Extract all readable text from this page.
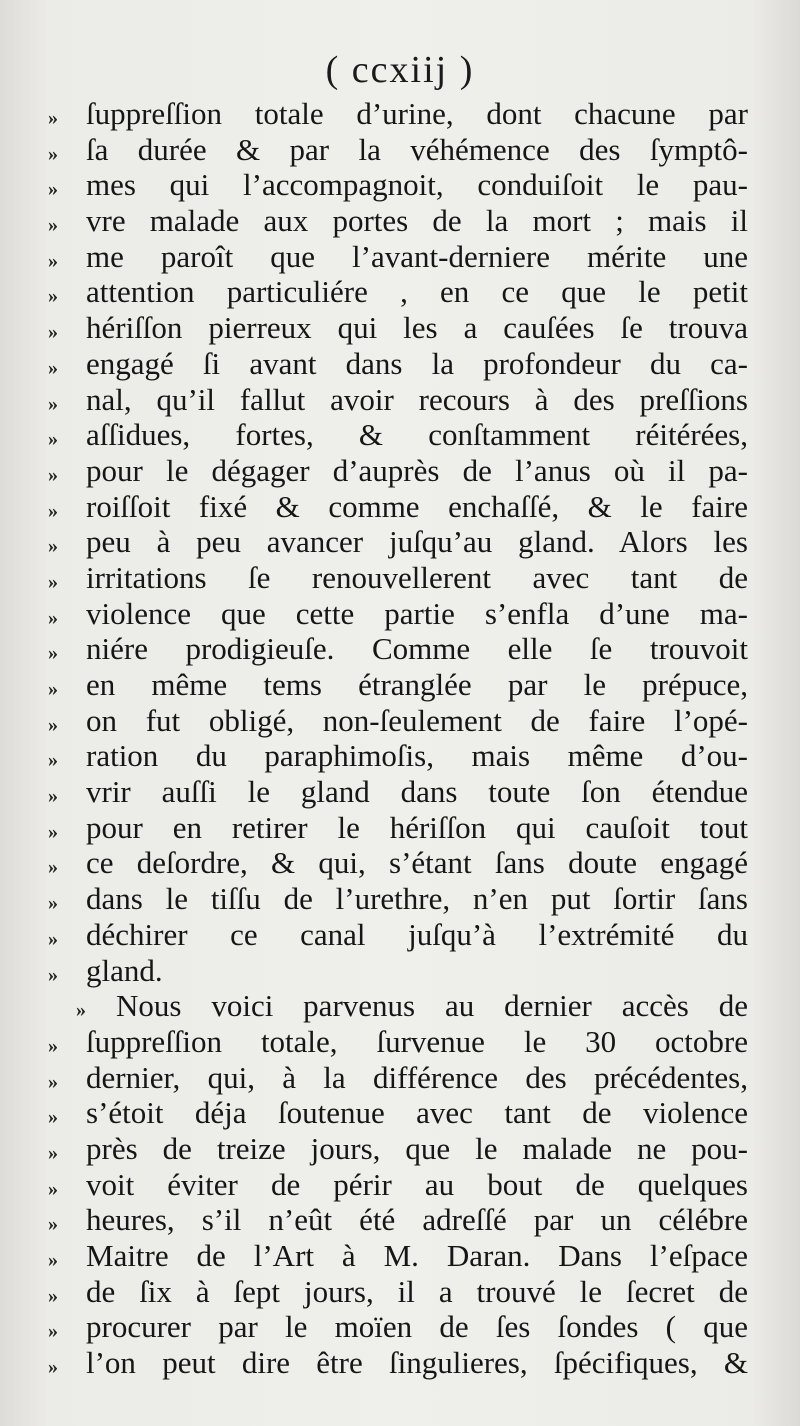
( ccxiij )
» ſuppreſſion totale d’urine, dont chacune par
» ſa durée & par la véhémence des ſymptô-
» mes qui l’accompagnoit, conduiſoit le pau-
» vre malade aux portes de la mort ; mais il
» me paroît que l’avant-derniere mérite une
» attention particuliére , en ce que le petit
» hériſſon pierreux qui les a cauſées ſe trouva
» engagé ſi avant dans la profondeur du ca-
» nal, qu’il fallut avoir recours à des preſſions
» aſſidues, fortes, & conſtamment réitérées,
» pour le dégager d’auprès de l’anus où il pa-
» roiſſoit fixé & comme enchaſſé, & le faire
» peu à peu avancer juſqu’au gland. Alors les
» irritations ſe renouvellerent avec tant de
» violence que cette partie s’enfla d’une ma-
» niére prodigieuſe. Comme elle ſe trouvoit
» en même tems étranglée par le prépuce,
» on fut obligé, non-ſeulement de faire l’opé-
» ration du paraphimoſis, mais même d’ou-
» vrir auſſi le gland dans toute ſon étendue
» pour en retirer le hériſſon qui cauſoit tout
» ce deſordre, & qui, s’étant ſans doute engagé
» dans le tiſſu de l’urethre, n’en put ſortir ſans
» déchirer ce canal juſqu’à l’extrémité du
» gland.
»	Nous voici parvenus au dernier accès de
» ſuppreſſion totale, ſurvenue le 30 octobre
» dernier, qui, à la différence des précédentes,
» s’étoit déja ſoutenue avec tant de violence
» près de treize jours, que le malade ne pou-
» voit éviter de périr au bout de quelques
» heures, s’il n’eût été adreſſé par un célébre
» Maitre de l’Art à M. Daran. Dans l’eſpace
» de ſix à ſept jours, il a trouvé le ſecret de
» procurer par le moïen de ſes ſondes ( que
» l’on peut dire être ſingulieres, ſpécifiques, &
